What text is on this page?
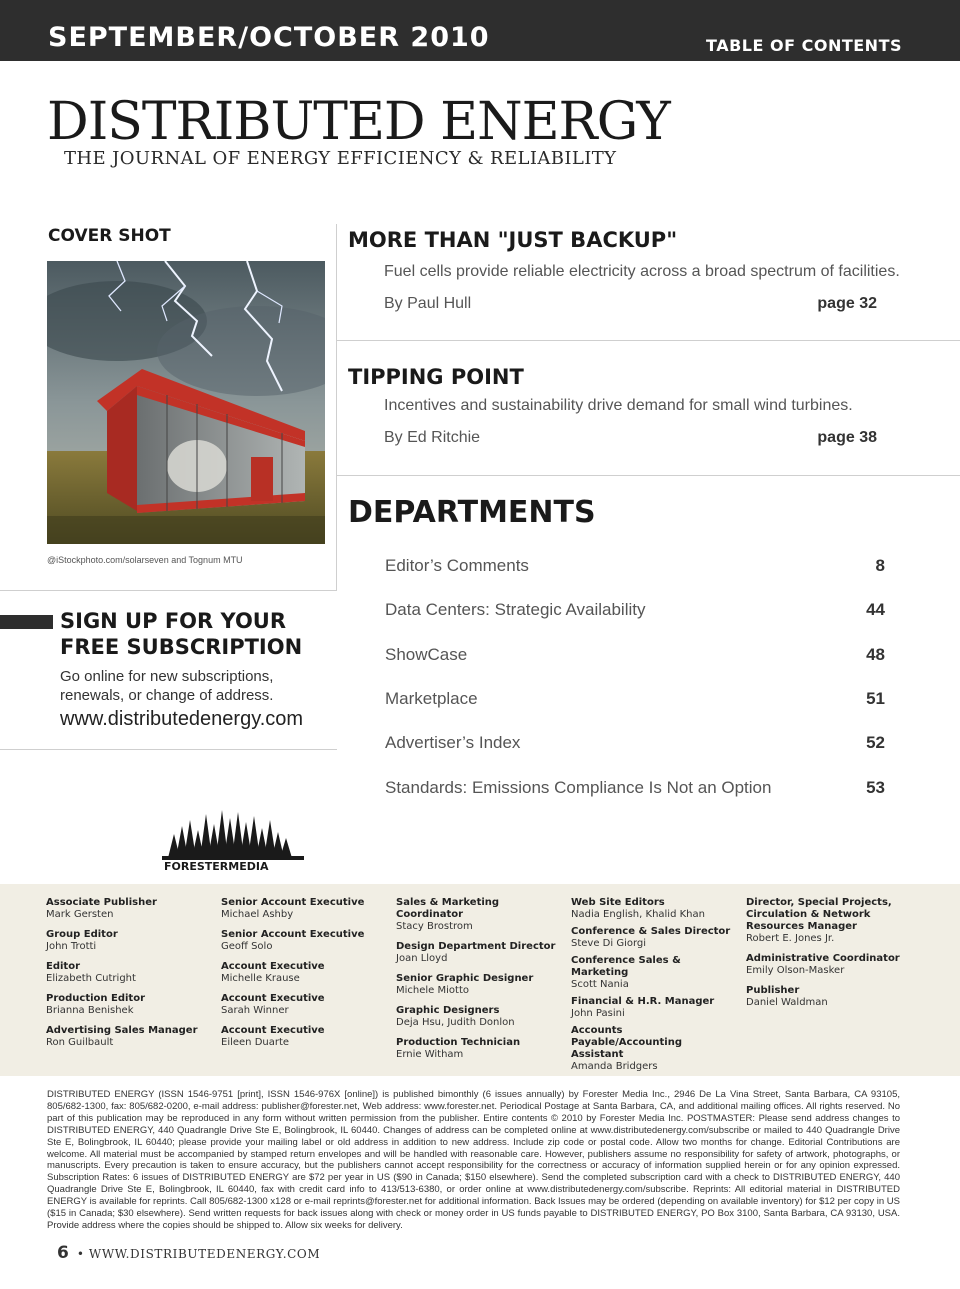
SEPTEMBER/OCTOBER 2010	TABLE OF CONTENTS
DISTRIBUTED ENERGY
THE JOURNAL OF ENERGY EFFICIENCY & RELIABILITY
COVER SHOT
@iStockphoto.com/solarseven and Tognum MTU
MORE THAN "JUST BACKUP"
Fuel cells provide reliable electricity across a broad spectrum of facilities.
By Paul Hull	page 32
TIPPING POINT
Incentives and sustainability drive demand for small wind turbines.
By Ed Ritchie	page 38
DEPARTMENTS
Editor’s Comments	8
Data Centers: Strategic Availability	44
ShowCase	48
Marketplace	51
Advertiser’s Index	52
Standards: Emissions Compliance Is Not an Option	53
SIGN UP FOR YOUR FREE SUBSCRIPTION
Go online for new subscriptions, renewals, or change of address.
www.distributedenergy.com
FORESTERMEDIA
Associate Publisher
Mark Gersten
Group Editor
John Trotti
Editor
Elizabeth Cutright
Production Editor
Brianna Benishek
Advertising Sales Manager
Ron Guilbault
Senior Account Executive
Michael Ashby
Senior Account Executive
Geoff Solo
Account Executive
Michelle Krause
Account Executive
Sarah Winner
Account Executive
Eileen Duarte
Sales & Marketing Coordinator
Stacy Brostrom
Design Department Director
Joan Lloyd
Senior Graphic Designer
Michele Miotto
Graphic Designers
Deja Hsu, Judith Donlon
Production Technician
Ernie Witham
Web Site Editors
Nadia English, Khalid Khan
Conference & Sales Director
Steve Di Giorgi
Conference Sales & Marketing
Scott Nania
Financial & H.R. Manager
John Pasini
Accounts Payable/Accounting Assistant
Amanda Bridgers
Director, Special Projects, Circulation & Network Resources Manager
Robert E. Jones Jr.
Administrative Coordinator
Emily Olson-Masker
Publisher
Daniel Waldman
DISTRIBUTED ENERGY (ISSN 1546-9751 [print], ISSN 1546-976X [online]) is published bimonthly (6 issues annually) by Forester Media Inc., 2946 De La Vina Street, Santa Barbara, CA 93105, 805/682-1300, fax: 805/682-0200, e-mail address: publisher@forester.net, Web address: www.forester.net. Periodical Postage at Santa Barbara, CA, and additional mailing offices. All rights reserved. No part of this publication may be reproduced in any form without written permission from the publisher. Entire contents © 2010 by Forester Media Inc. POSTMASTER: Please send address changes to DISTRIBUTED ENERGY, 440 Quadrangle Drive Ste E, Bolingbrook, IL 60440. Changes of address can be completed online at www.distributedenergy.com/subscribe or mailed to 440 Quadrangle Drive Ste E, Bolingbrook, IL 60440; please provide your mailing label or old address in addition to new address. Include zip code or postal code. Allow two months for change. Editorial Contributions are welcome. All material must be accompanied by stamped return envelopes and will be handled with reasonable care. However, publishers assume no responsibility for safety of artwork, photographs, or manuscripts. Every precaution is taken to ensure accuracy, but the publishers cannot accept responsibility for the correctness or accuracy of information supplied herein or for any opinion expressed. Subscription Rates: 6 issues of DISTRIBUTED ENERGY are $72 per year in US ($90 in Canada; $150 elsewhere). Send the completed subscription card with a check to DISTRIBUTED ENERGY, 440 Quadrangle Drive Ste E, Bolingbrook, IL 60440, fax with credit card info to 413/513-6380, or order online at www.distributedenergy.com/subscribe. Reprints: All editorial material in DISTRIBUTED ENERGY is available for reprints. Call 805/682-1300 x128 or e-mail reprints@forester.net for additional information. Back Issues may be ordered (depending on available inventory) for $12 per copy in US ($15 in Canada; $30 elsewhere). Send written requests for back issues along with check or money order in US funds payable to DISTRIBUTED ENERGY, PO Box 3100, Santa Barbara, CA 93130, USA. Provide address where the copies should be shipped to. Allow six weeks for delivery.
6 • WWW.DISTRIBUTEDENERGY.COM
